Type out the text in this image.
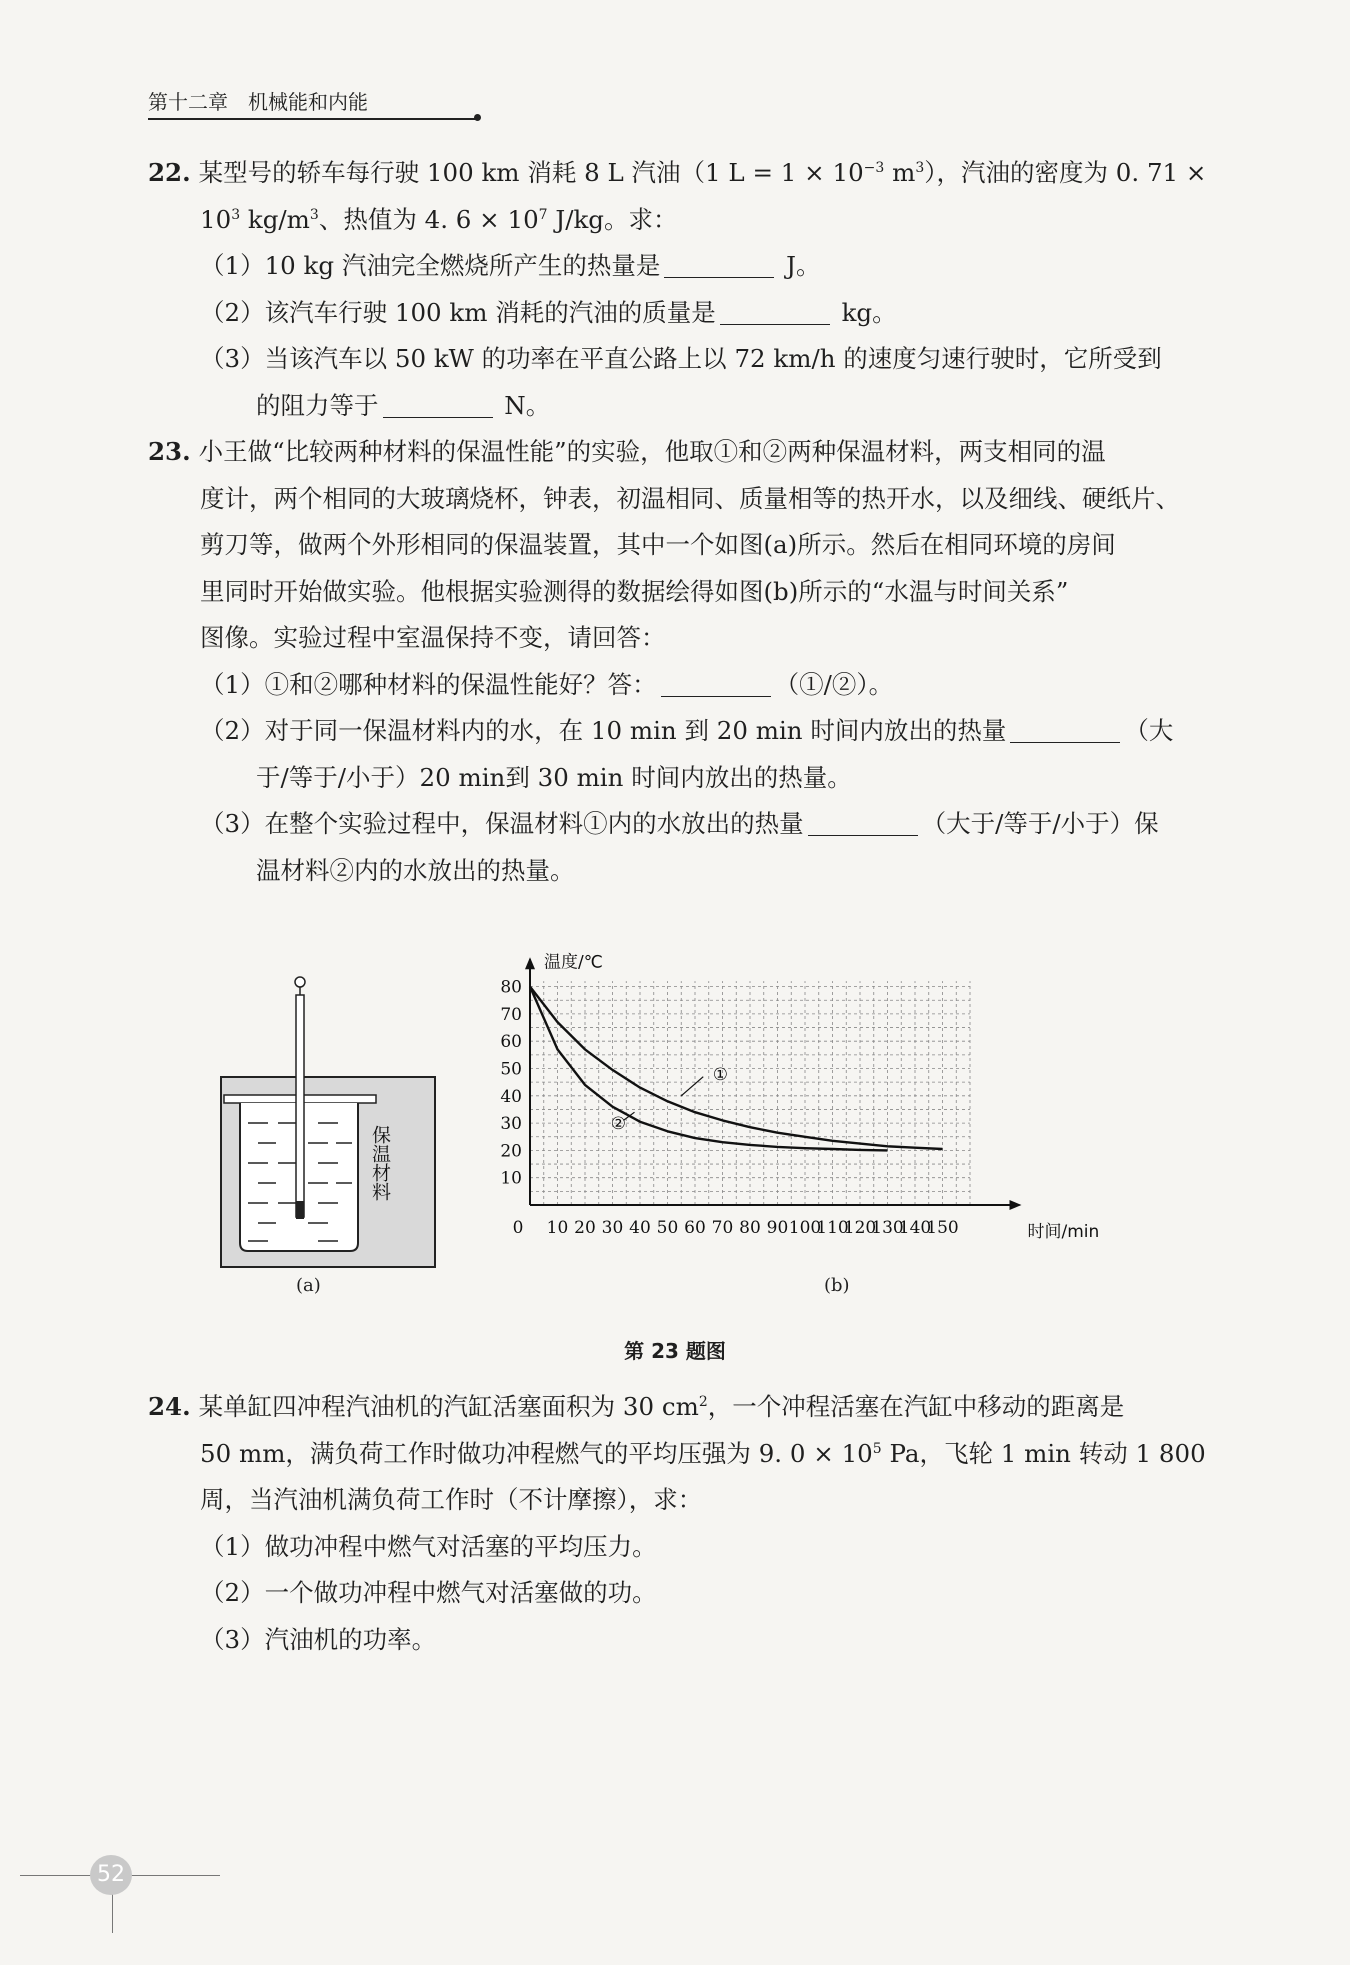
第十二章　机械能和内能
22. 某型号的轿车每行驶 100 km 消耗 8 L 汽油（1 $L = 1 \times 10^{-3}$ $m^3$），汽油的密度为 0. 71 ×
$10^3$ $kg/m^3$、热值为 4. $6 \times 10^7$ J/kg。求：
（1）10 kg 汽油完全燃烧所产生的热量是	J。
（2）该汽车行驶 100 km 消耗的汽油的质量是	kg。
（3）当该汽车以 50 kW 的功率在平直公路上以 72 km/h 的速度匀速行驶时，它所受到
的阻力等于	N。
23. 小王做“比较两种材料的保温性能”的实验，他取①和②两种保温材料，两支相同的温
度计，两个相同的大玻璃烧杯，钟表，初温相同、质量相等的热开水，以及细线、硬纸片、
剪刀等，做两个外形相同的保温装置，其中一个如图(a)所示。然后在相同环境的房间
里同时开始做实验。他根据实验测得的数据绘得如图(b)所示的“水温与时间关系”
图像。实验过程中室温保持不变，请回答：
（1）①和②哪种材料的保温性能好？答：	（①/②）。
（2）对于同一保温材料内的水，在 10 min 到 20 min 时间内放出的热量	（大
于/等于/小于）20 min到 30 min 时间内放出的热量。
（3）在整个实验过程中，保温材料①内的水放出的热量	（大于/等于/小于）保
温材料②内的水放出的热量。
保温材料
(a)
10
20
30
40
50
60
70
80
0 10 20 30 40 50 60 70 80 90 100
110
120
130
140
150
温度/℃
时间/min
①
②
(b)
第 23 题图
24. 某单缸四冲程汽油机的汽缸活塞面积为 30 $cm^2$，一个冲程活塞在汽缸中移动的距离是
50 mm，满负荷工作时做功冲程燃气的平均压强为 9. $0 \times 10^5$ Pa，飞轮 1 min 转动 1 800
周，当汽油机满负荷工作时（不计摩擦），求：
（1）做功冲程中燃气对活塞的平均压力。
（2）一个做功冲程中燃气对活塞做的功。
（3）汽油机的功率。
52
